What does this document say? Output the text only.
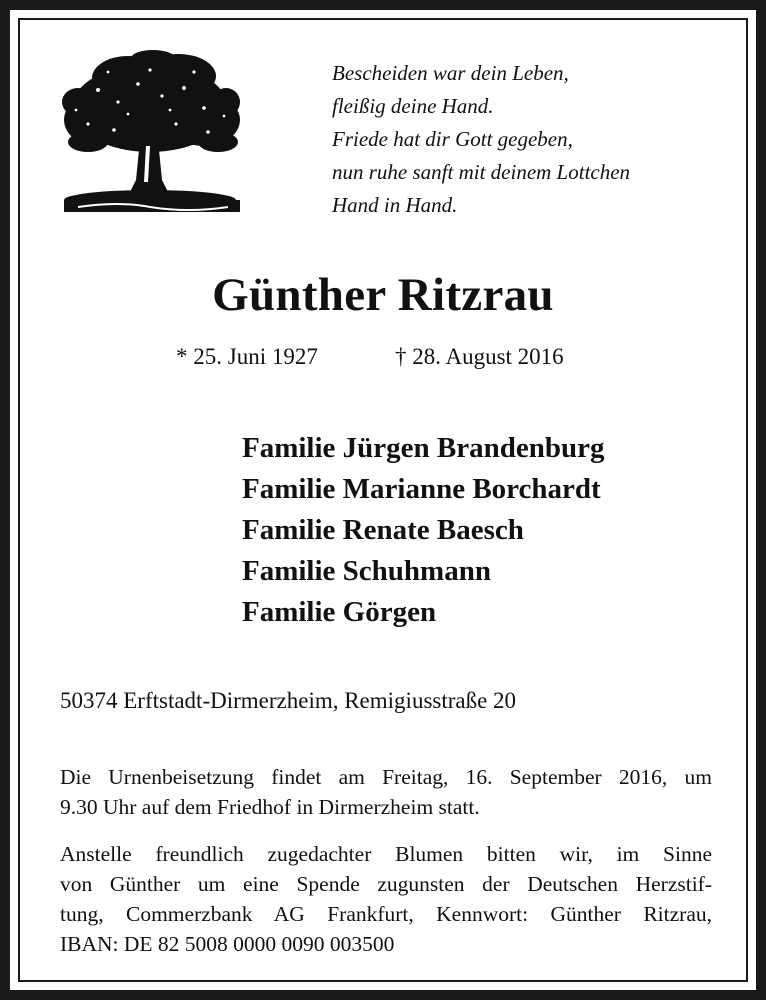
Bescheiden war dein Leben,
fleißig deine Hand.
Friede hat dir Gott gegeben,
nun ruhe sanft mit deinem Lottchen
Hand in Hand.
Günther Ritzrau
* 25. Juni 1927	† 28. August 2016
Familie Jürgen Brandenburg
Familie Marianne Borchardt
Familie Renate Baesch
Familie Schuhmann
Familie Görgen
50374 Erftstadt-Dirmerzheim, Remigiusstraße 20
Die Urnenbeisetzung findet am Freitag, 16. September 2016, um
9.30 Uhr auf dem Friedhof in Dirmerzheim statt.
Anstelle freundlich zugedachter Blumen bitten wir, im Sinne
von Günther um eine Spende zugunsten der Deutschen Herzstif-
tung, Commerzbank AG Frankfurt, Kennwort: Günther Ritzrau,
IBAN: DE 82 5008 0000 0090 003500
